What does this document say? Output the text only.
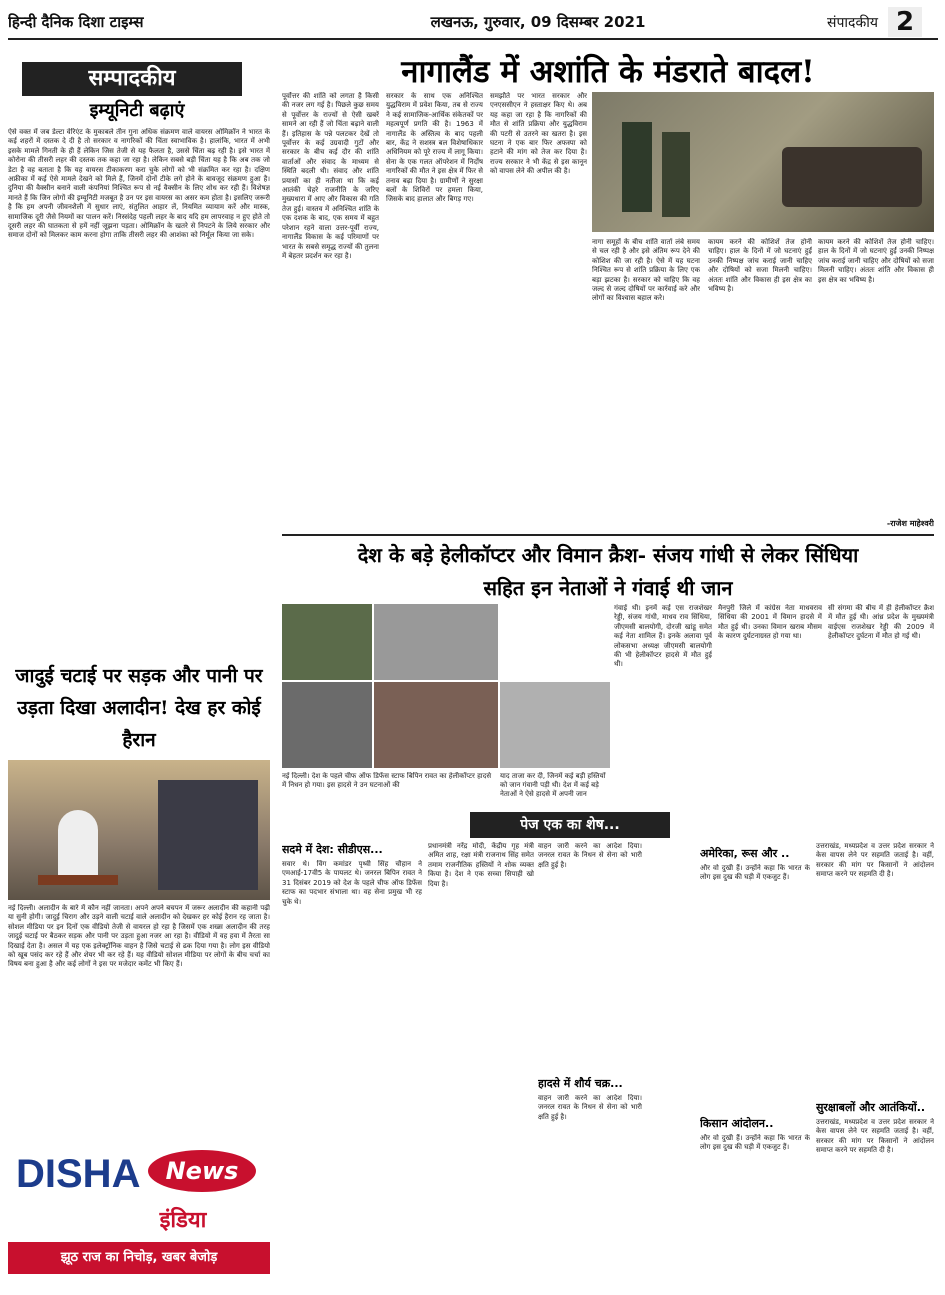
हिन्दी दैनिक दिशा टाइम्स	लखनऊ, गुरुवार, 09 दिसम्बर 2021	संपादकीय 2
सम्पादकीय
इम्यूनिटी बढ़ाएं
ऐसे वक्त में जब डेल्टा वेरिएंट के मुकाबले तीन गुना अधिक संक्रमण वाले वायरस ओमिक्रॉन ने भारत के कई शहरों में दस्तक दे दी है तो सरकार व नागरिकों की चिंता स्वाभाविक है। हालांकि, भारत में अभी इसके मामले गिनती के ही हैं लेकिन जिस तेजी से यह फैलता है, उससे चिंता बढ़ रही है। इसे भारत में कोरोना की तीसरी लहर की दस्तक तक कहा जा रहा है। लेकिन सबसे बड़ी चिंता यह है कि अब तक जो डेटा है वह बताता है कि यह वायरस टीकाकरण करा चुके लोगों को भी संक्रमित कर रहा है। दक्षिण अफ्रीका में कई ऐसे मामले देखने को मिले हैं, जिनमें दोनों टीके लगे होने के बावजूद संक्रमण हुआ है। दुनिया की वैक्सीन बनाने वाली कंपनियां निश्चित रूप से नई वैक्सीन के लिए शोध कर रही हैं। विशेषज्ञ मानते हैं कि जिन लोगों की इम्यूनिटी मजबूत है उन पर इस वायरस का असर कम होता है। इसलिए जरूरी है कि हम अपनी जीवनशैली में सुधार लाएं, संतुलित आहार लें, नियमित व्यायाम करें और मास्क, सामाजिक दूरी जैसे नियमों का पालन करें। निस्संदेह पहली लहर के बाद यदि हम लापरवाह न हुए होते तो दूसरी लहर की घातकता से हमें नहीं जूझना पड़ता। ओमिक्रॉन के खतरे से निपटने के लिये सरकार और समाज दोनों को मिलकर काम करना होगा ताकि तीसरी लहर की आशंका को निर्मूल किया जा सके।
जादुई चटाई पर सड़क और पानी पर उड़ता दिखा अलादीन! देख हर कोई हैरान
नई दिल्ली। अलादीन के बारे में कौन नहीं जानता। अपने अपने बचपन में जरूर अलादीन की कहानी पढ़ी या सुनी होगी। जादुई चिराग और उड़ने वाली चटाई वाले अलादीन को देखकर हर कोई हैरान रह जाता है। सोशल मीडिया पर इन दिनों एक वीडियो तेजी से वायरल हो रहा है जिसमें एक शख्स अलादीन की तरह जादुई चटाई पर बैठकर सड़क और पानी पर उड़ता हुआ नजर आ रहा है। वीडियो में वह हवा में तैरता सा दिखाई देता है। असल में यह एक इलेक्ट्रॉनिक वाहन है जिसे चटाई से ढक दिया गया है। लोग इस वीडियो को खूब पसंद कर रहे हैं और शेयर भी कर रहे हैं। यह वीडियो सोशल मीडिया पर लोगों के बीच चर्चा का विषय बना हुआ है और कई लोगों ने इस पर मजेदार कमेंट भी किए हैं।
DISHA	News
इंडिया
झूठ राज का निचोड़, खबर बेजोड़
नागालैंड में अशांति के मंडराते बादल!
पूर्वोत्तर की शांति को लगता है किसी की नजर लग गई है। पिछले कुछ समय से पूर्वोत्तर के राज्यों से ऐसी खबरें सामने आ रही हैं जो चिंता बढ़ाने वाली हैं। इतिहास के पन्ने पलटकर देखें तो पूर्वोत्तर के कई उग्रवादी गुटों और सरकार के बीच कई दौर की शांति वार्ताओं और संवाद के माध्यम से स्थिति बदली थी। संवाद और शांति प्रयासों का ही नतीजा था कि कई आतंकी चेहरे राजनीति के जरिए मुख्यधारा में आए और विकास की गति तेज हुई। वास्तव में अनिश्चित शांति के एक दशक के बाद, एक समय में बहुत परेशान रहने वाला उत्तर-पूर्वी राज्य, नागालैंड विकास के कई परिमाणों पर भारत के सबसे समृद्ध राज्यों की तुलना में बेहतर प्रदर्शन कर रहा है।
सरकार के साथ एक अनिश्चित युद्धविराम में प्रवेश किया, तब से राज्य ने कई सामाजिक-आर्थिक संकेतकों पर महत्वपूर्ण प्रगति की है। 1963 में नागालैंड के अस्तित्व के बाद पहली बार, केंद्र ने सशस्त्र बल विशेषाधिकार अधिनियम को पूरे राज्य में लागू किया। सेना के एक गलत ऑपरेशन में निर्दोष नागरिकों की मौत ने इस क्षेत्र में फिर से तनाव बढ़ा दिया है। ग्रामीणों ने सुरक्षा बलों के शिविरों पर हमला किया, जिसके बाद हालात और बिगड़ गए।
समझौते पर भारत सरकार और एनएससीएन ने हस्ताक्षर किए थे। अब यह कहा जा रहा है कि नागरिकों की मौत से शांति प्रक्रिया और युद्धविराम की पटरी से उतरने का खतरा है। इस घटना ने एक बार फिर अफस्पा को हटाने की मांग को तेज कर दिया है। राज्य सरकार ने भी केंद्र से इस कानून को वापस लेने की अपील की है।
नागा समूहों के बीच शांति वार्ता लंबे समय से चल रही है और इसे अंतिम रूप देने की कोशिश की जा रही है। ऐसे में यह घटना निश्चित रूप से शांति प्रक्रिया के लिए एक बड़ा झटका है। सरकार को चाहिए कि वह जल्द से जल्द दोषियों पर कार्रवाई करे और लोगों का विश्वास बहाल करे।
कायम करने की कोशिशें तेज होनी चाहिए। हाल के दिनों में जो घटनाएं हुईं उनकी निष्पक्ष जांच कराई जानी चाहिए और दोषियों को सजा मिलनी चाहिए। अंततः शांति और विकास ही इस क्षेत्र का भविष्य है।
कायम करने की कोशिशें तेज होनी चाहिए। हाल के दिनों में जो घटनाएं हुईं उनकी निष्पक्ष जांच कराई जानी चाहिए और दोषियों को सजा मिलनी चाहिए। अंततः शांति और विकास ही इस क्षेत्र का भविष्य है।
-राजेश माहेश्वरी
देश के बड़े हेलीकॉप्टर और विमान क्रैश- संजय गांधी से लेकर सिंधिया
सहित इन नेताओं ने गंवाई थी जान
नई दिल्ली। देश के पहले चीफ ऑफ डिफेंस स्टाफ बिपिन रावत का हेलीकॉप्टर हादसे में निधन हो गया। इस हादसे ने उन घटनाओं की
याद ताजा कर दी, जिनमें कई बड़ी हस्तियों को जान गंवानी पड़ी थी। देश में कई बड़े नेताओं ने ऐसे हादसे में अपनी जान
गंवाई थी। इनमें कई एस राजशेखर रेड्डी, संजय गांधी, माधव राव सिंधिया, जीएमसी बालयोगी, दोरजी खांडू समेत कई नेता शामिल हैं। इनके अलावा पूर्व लोकसभा अध्यक्ष जीएमसी बालयोगी की भी हेलीकॉप्टर हादसे में मौत हुई थी।
मैनपुरी जिले में कांग्रेस नेता माधवराव सिंधिया की 2001 में विमान हादसे में मौत हुई थी। उनका विमान खराब मौसम के कारण दुर्घटनाग्रस्त हो गया था।
सी संगमा की बीच में ही हेलीकॉप्टर क्रैश में मौत हुई थी। आंध्र प्रदेश के मुख्यमंत्री वाईएस राजशेखर रेड्डी की 2009 में हेलीकॉप्टर दुर्घटना में मौत हो गई थी।
पेज एक का शेष...
सदमे में देश: सीडीएस...
सवार थे। विंग कमांडर पृथ्वी सिंह चौहान ने एमआई-17वी5 के पायलट थे। जनरल बिपिन रावत ने 31 दिसंबर 2019 को देश के पहले चीफ ऑफ डिफेंस स्टाफ का पदभार संभाला था। वह सेना प्रमुख भी रह चुके थे।
प्रधानमंत्री नरेंद्र मोदी, केंद्रीय गृह मंत्री अमित शाह, रक्षा मंत्री राजनाथ सिंह समेत तमाम राजनीतिक हस्तियों ने शोक व्यक्त किया है। देश ने एक सच्चा सिपाही खो दिया है।
वाहन जारी करने का आदेश दिया। जनरल रावत के निधन से सेना को भारी क्षति हुई है।
हादसे में शौर्य चक्र...
वाहन जारी करने का आदेश दिया। जनरल रावत के निधन से सेना को भारी क्षति हुई है।
अमेरिका, रूस और ..
और वो दुखी हैं। उन्होंने कहा कि भारत के लोग इस दुख की घड़ी में एकजुट हैं।
किसान आंदोलन..
और वो दुखी हैं। उन्होंने कहा कि भारत के लोग इस दुख की घड़ी में एकजुट हैं।
उत्तराखंड, मध्यप्रदेश व उत्तर प्रदेश सरकार ने केस वापस लेने पर सहमति जताई है। वहीं, सरकार की मांग पर किसानों ने आंदोलन समाप्त करने पर सहमति दी है।
सुरक्षाबलों और आतंकियों..
उत्तराखंड, मध्यप्रदेश व उत्तर प्रदेश सरकार ने केस वापस लेने पर सहमति जताई है। वहीं, सरकार की मांग पर किसानों ने आंदोलन समाप्त करने पर सहमति दी है।
